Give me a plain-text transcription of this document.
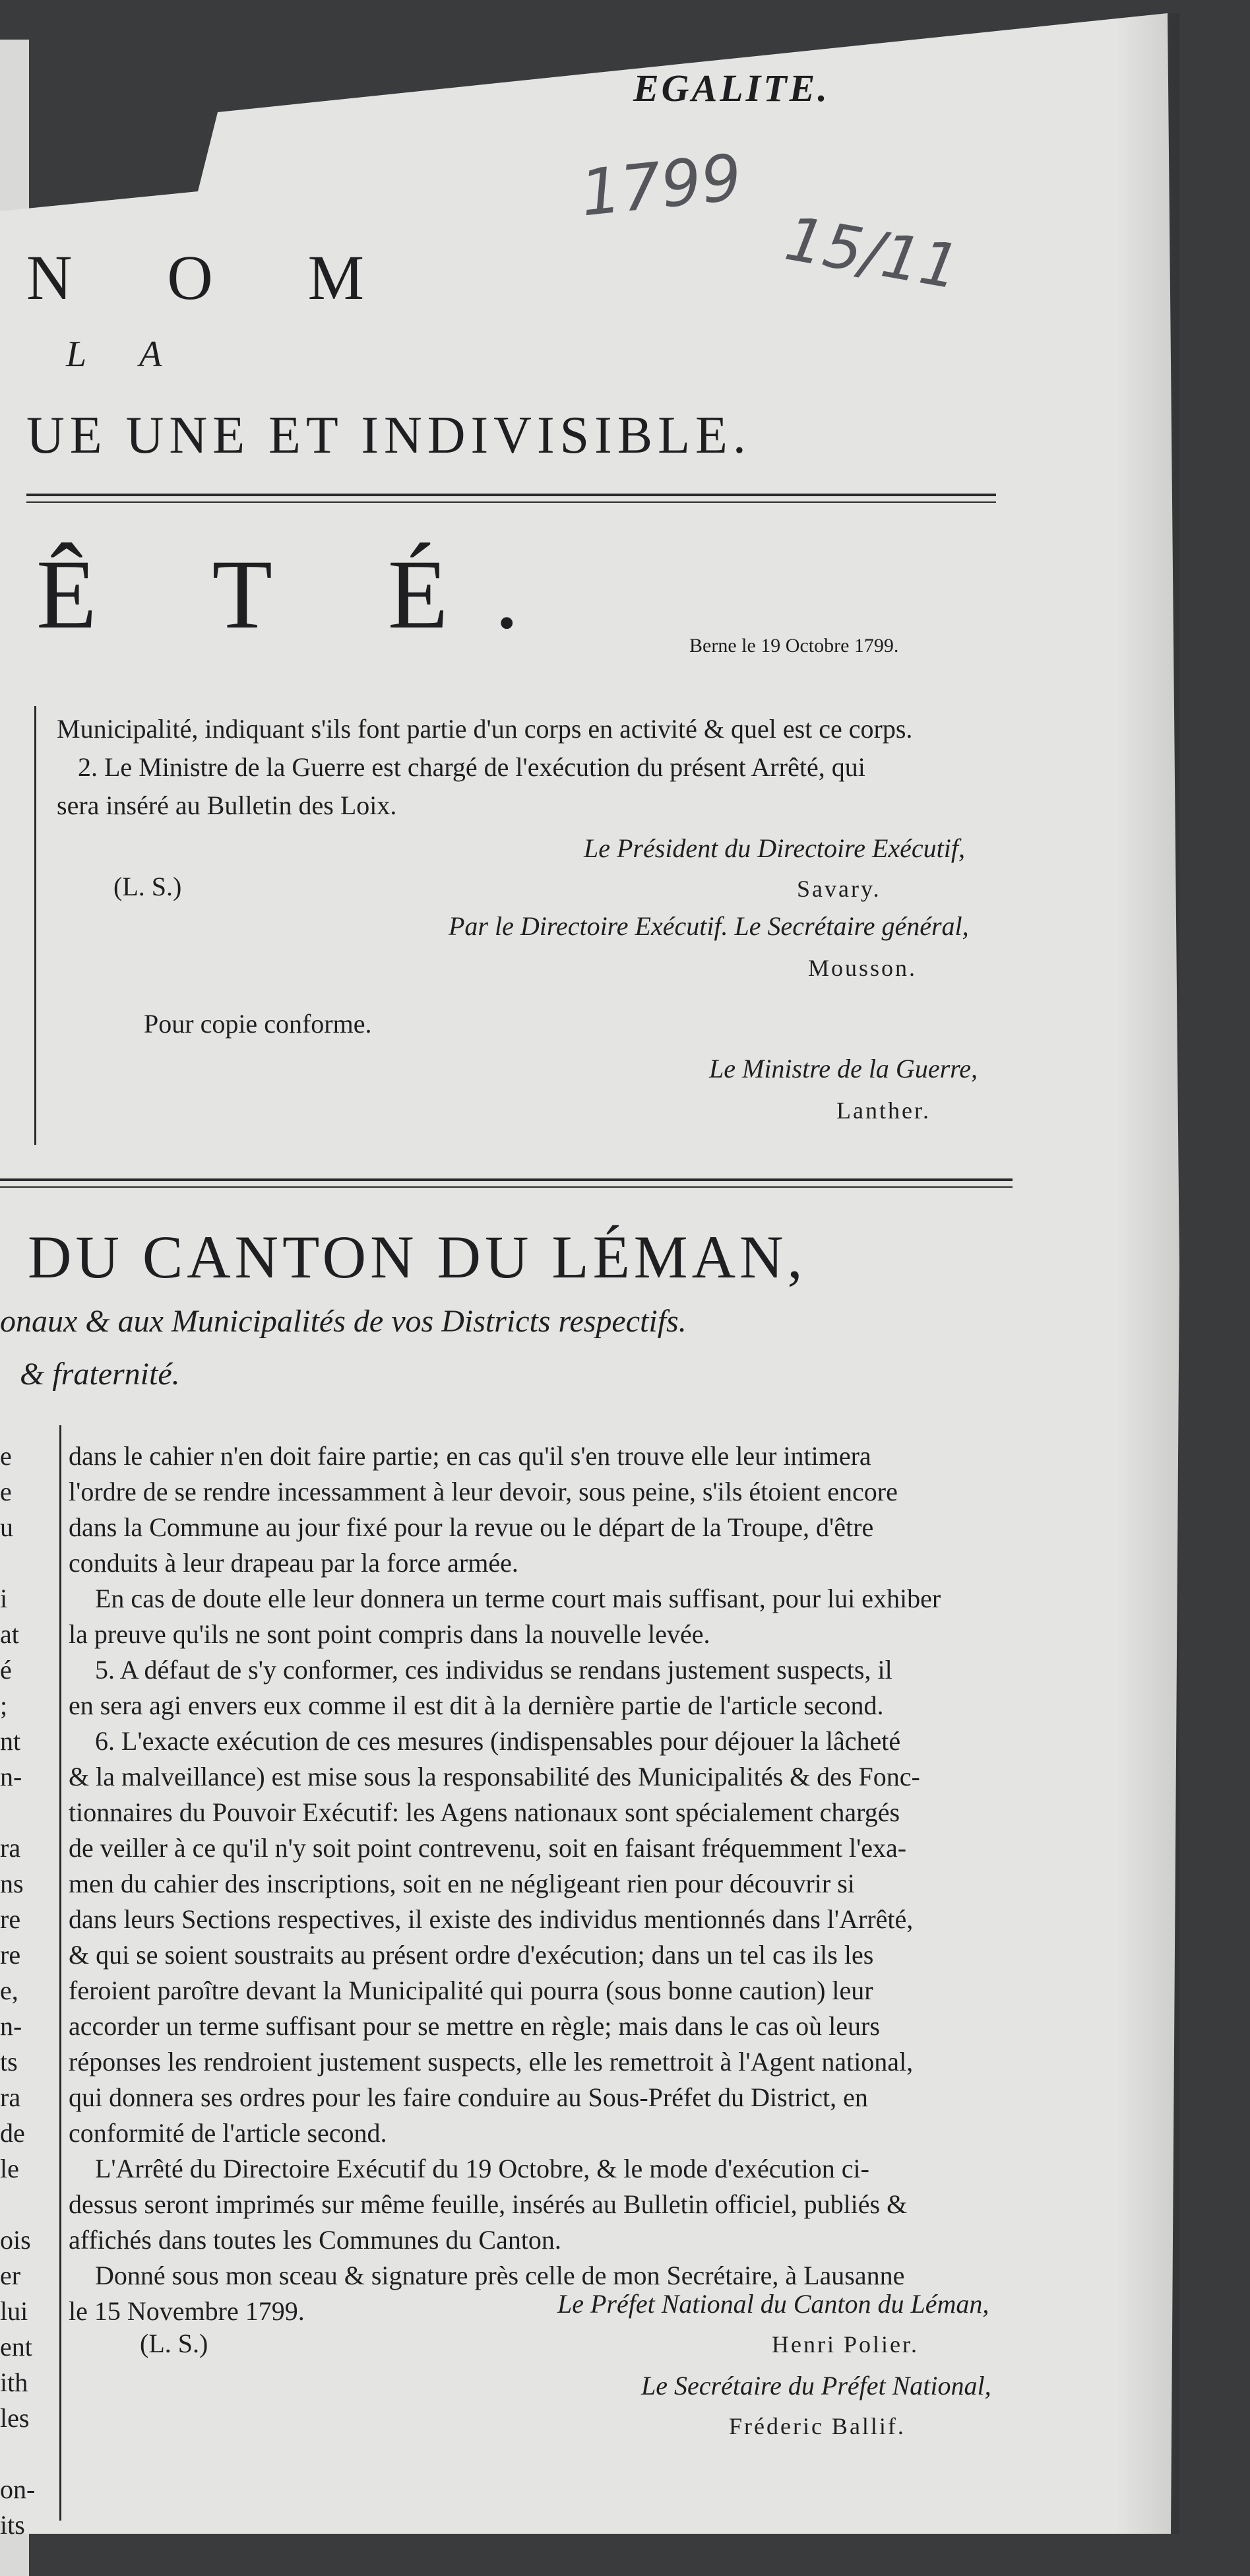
EGALITE.
1799
15/11
N O M
L A
UE UNE ET INDIVISIBLE.
Ê T É.	Berne le 19 Octobre 1799.
Municipalité, indiquant s'ils font partie d'un corps en activité & quel est ce corps.
2. Le Ministre de la Guerre est chargé de l'exécution du présent Arrêté, qui
sera inséré au Bulletin des Loix.
Le Président du Directoire Exécutif,
(L. S.)	Savary.
Par le Directoire Exécutif. Le Secrétaire général,
Mousson.
Pour copie conforme.
Le Ministre de la Guerre,
Lanther.
DU CANTON DU LÉMAN,
onaux & aux Municipalités de vos Districts respectifs.
& fraternité.
e
e
u

i
at
é
;
nt
n-

ra
ns
re
re
e,
n-
ts
ra
de
le

ois
er
lui
ent
ith
les

on-
its

dans le cahier n'en doit faire partie; en cas qu'il s'en trouve elle leur intimera

l'ordre de se rendre incessamment à leur devoir, sous peine, s'ils étoient encore

dans la Commune au jour fixé pour la revue ou le départ de la Troupe, d'être

conduits à leur drapeau par la force armée.

En cas de doute elle leur donnera un terme court mais suffisant, pour lui exhiber

la preuve qu'ils ne sont point compris dans la nouvelle levée.

5. A défaut de s'y conformer, ces individus se rendans justement suspects, il

en sera agi envers eux comme il est dit à la dernière partie de l'article second.

6. L'exacte exécution de ces mesures (indispensables pour déjouer la lâcheté

& la malveillance) est mise sous la responsabilité des Municipalités & des Fonc-

tionnaires du Pouvoir Exécutif: les Agens nationaux sont spécialement chargés

de veiller à ce qu'il n'y soit point contrevenu, soit en faisant fréquemment l'exa-

men du cahier des inscriptions, soit en ne négligeant rien pour découvrir si

dans leurs Sections respectives, il existe des individus mentionnés dans l'Arrêté,

& qui se soient soustraits au présent ordre d'exécution; dans un tel cas ils les

feroient paroître devant la Municipalité qui pourra (sous bonne caution) leur

accorder un terme suffisant pour se mettre en règle; mais dans le cas où leurs

réponses les rendroient justement suspects, elle les remettroit à l'Agent national,

qui donnera ses ordres pour les faire conduire au Sous-Préfet du District, en

conformité de l'article second.

L'Arrêté du Directoire Exécutif du 19 Octobre, & le mode d'exécution ci-

dessus seront imprimés sur même feuille, insérés au Bulletin officiel, publiés &

affichés dans toutes les Communes du Canton.

Donné sous mon sceau & signature près celle de mon Secrétaire, à Lausanne

le 15 Novembre 1799.	Le Préfet National du Canton du Léman,
Henri Polier.
(L. S.)
Le Secrétaire du Préfet National,
Fréderic Ballif.
